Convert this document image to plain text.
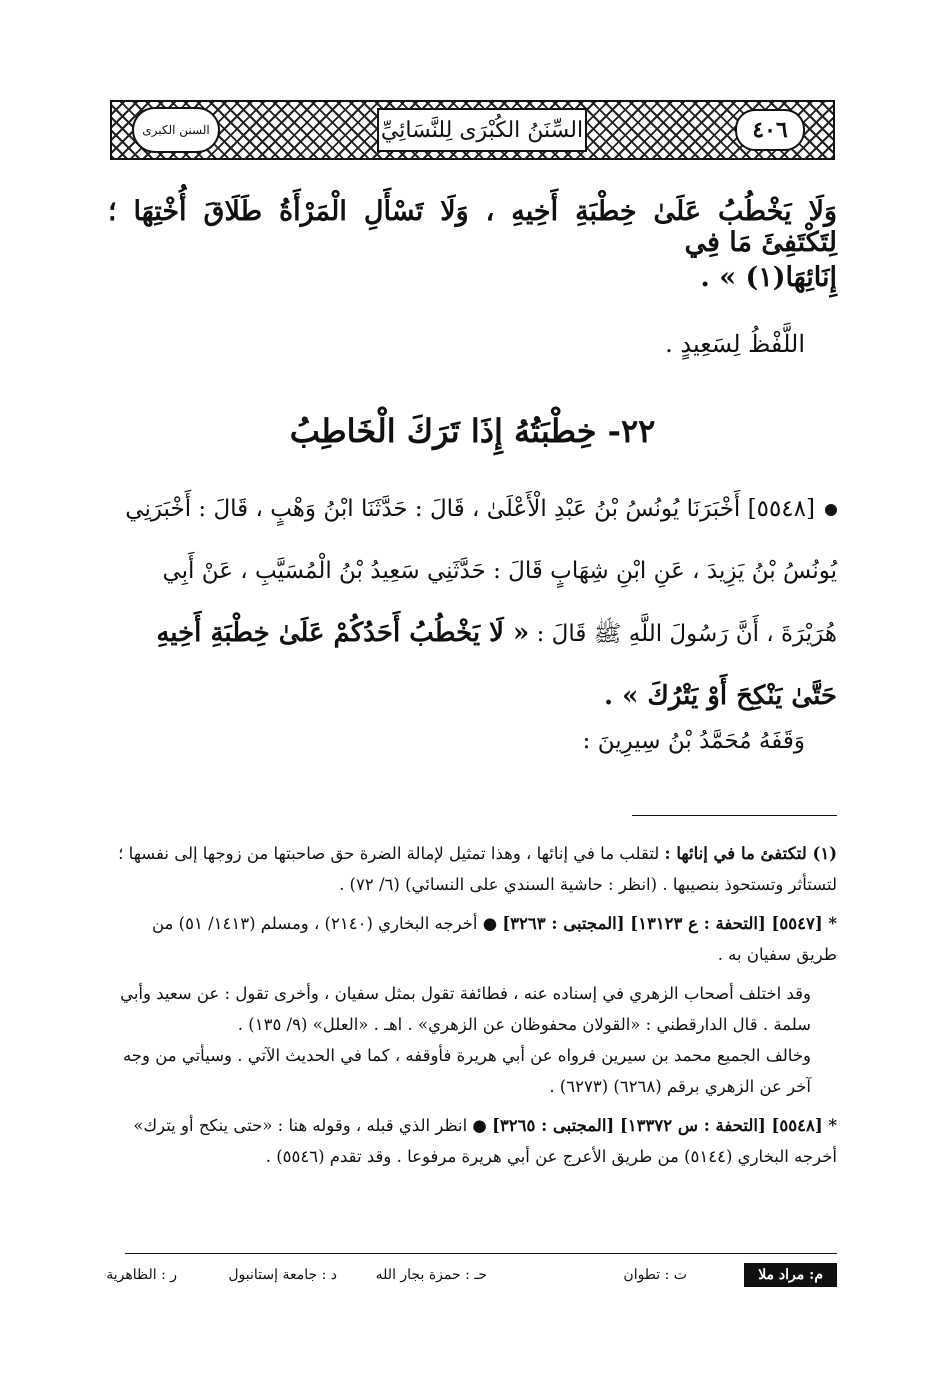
٤٠٦
السِّنَنُ الكُبْرَى لِلنَّسَائِيِّ
السنن الكبرى
وَلَا يَخْطُبُ عَلَىٰ خِطْبَةِ أَخِيهِ ، وَلَا تَسْأَلِ الْمَرْأَةُ طَلَاقَ أُخْتِهَا ؛ لِتَكْتَفِئَ مَا فِي
إِنَائِهَا(١) » .
اللَّفْظُ لِسَعِيدٍ .
٢٢- خِطْبَتُهُ إِذَا تَرَكَ الْخَاطِبُ
[٥٥٤٨] أَخْبَرَنَا يُونُسُ بْنُ عَبْدِ الْأَعْلَىٰ ، قَالَ : حَدَّثَنَا ابْنُ وَهْبٍ ، قَالَ : أَخْبَرَنِي يُونُسُ بْنُ يَزِيدَ ، عَنِ ابْنِ شِهَابٍ قَالَ : حَدَّثَنِي سَعِيدُ بْنُ الْمُسَيَّبِ ، عَنْ أَبِي هُرَيْرَةَ ، أَنَّ رَسُولَ اللَّهِ ﷺ قَالَ : « لَا يَخْطُبُ أَحَدُكُمْ عَلَىٰ خِطْبَةِ أَخِيهِ حَتَّىٰ يَنْكِحَ أَوْ يَتْرُكَ » .
وَقَفَهُ مُحَمَّدُ بْنُ سِيرِينَ :

(١) لتكتفئ ما في إنائها : لتقلب ما في إنائها ، وهذا تمثيل لإمالة الضرة حق صاحبتها من زوجها إلى نفسها ؛ لتستأثر وتستحوذ بنصيبها . (انظر : حاشية السندي على النسائي) (٦/ ٧٢) .

* [٥٥٤٧] [التحفة : ع ١٣١٢٣] [المجتبى : ٣٢٦٣] ● أخرجه البخاري (٢١٤٠) ، ومسلم (١٤١٣/ ٥١) من طريق سفيان به .

وقد اختلف أصحاب الزهري في إسناده عنه ، فطائفة تقول بمثل سفيان ، وأخرى تقول : عن سعيد وأبي سلمة . قال الدارقطني : «القولان محفوظان عن الزهري» . اهـ . «العلل» (٩/ ١٣٥) .

وخالف الجميع محمد بن سيرين فرواه عن أبي هريرة فأوقفه ، كما في الحديث الآتي . وسيأتي من وجه آخر عن الزهري برقم (٦٢٦٨) (٦٢٧٣) .

* [٥٥٤٨] [التحفة : س ١٣٣٧٢] [المجتبى : ٣٢٦٥] ● انظر الذي قبله ، وقوله هنا : «حتى ينكح أو يترك» أخرجه البخاري (٥١٤٤) من طريق الأعرج عن أبي هريرة مرفوعا . وقد تقدم (٥٥٤٦) .

م: مراد ملا
ت : تطوان
حـ : حمزة بجار الله
د : جامعة إستانبول
ر : الظاهرية
